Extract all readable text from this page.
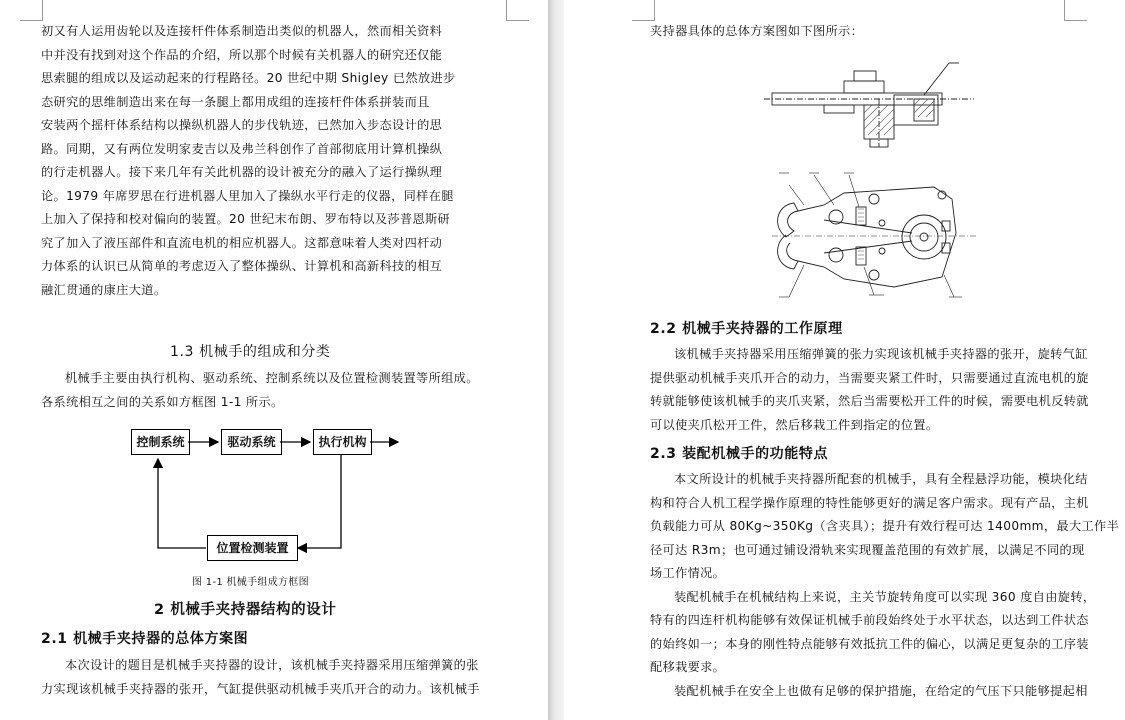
初又有人运用齿轮以及连接杆件体系制造出类似的机器人，然而相关资料
中并没有找到对这个作品的介绍，所以那个时候有关机器人的研究还仅能
思索腿的组成以及运动起来的行程路径。20 世纪中期 Shigley 已然放进步
态研究的思维制造出来在每一条腿上都用成组的连接杆件体系拼装而且
安装两个摇杆体系结构以操纵机器人的步伐轨迹，已然加入步态设计的思
路。同期，又有两位发明家麦吉以及弗兰科创作了首部彻底用计算机操纵
的行走机器人。接下来几年有关此机器的设计被充分的融入了运行操纵理
论。1979 年席罗思在行进机器人里加入了操纵水平行走的仪器，同样在腿
上加入了保持和校对偏向的装置。20 世纪末布朗、罗布特以及莎普恩斯研
究了加入了液压部件和直流电机的相应机器人。这都意味着人类对四杆动
力体系的认识已从简单的考虑迈入了整体操纵、计算机和高新科技的相互
融汇贯通的康庄大道。
1.3 机械手的组成和分类
机械手主要由执行机构、驱动系统、控制系统以及位置检测装置等所组成。
各系统相互之间的关系如方框图 1-1 所示。
控制系统	驱动系统	执行机构
位置检测装置

图 1-1 机械手组成方框图

2 机械手夹持器结构的设计
2.1 机械手夹持器的总体方案图
本次设计的题目是机械手夹持器的设计，该机械手夹持器采用压缩弹簧的张
力实现该机械手夹持器的张开，气缸提供驱动机械手夹爪开合的动力。该机械手
夹持器具体的总体方案图如下图所示：
2.2 机械手夹持器的工作原理
该机械手夹持器采用压缩弹簧的张力实现该机械手夹持器的张开，旋转气缸
提供驱动机械手夹爪开合的动力，当需要夹紧工件时，只需要通过直流电机的旋
转就能够使该机械手的夹爪夹紧，然后当需要松开工件的时候，需要电机反转就
可以使夹爪松开工件，然后移栽工件到指定的位置。
2.3 装配机械手的功能特点
本文所设计的机械手夹持器所配套的机械手，具有全程悬浮功能，模块化结
构和符合人机工程学操作原理的特性能够更好的满足客户需求。现有产品，主机
负载能力可从 80Kg~350Kg（含夹具）；提升有效行程可达 1400mm，最大工作半
径可达 R3m；也可通过铺设滑轨来实现覆盖范围的有效扩展，以满足不同的现
场工作情况。
装配机械手在机械结构上来说，主关节旋转角度可以实现 360 度自由旋转，
特有的四连杆机构能够有效保证机械手前段始终处于水平状态，以达到工件状态
的始终如一；本身的刚性特点能够有效抵抗工件的偏心，以满足更复杂的工序装
配移栽要求。
装配机械手在安全上也做有足够的保护措施，在给定的气压下只能够提起相
